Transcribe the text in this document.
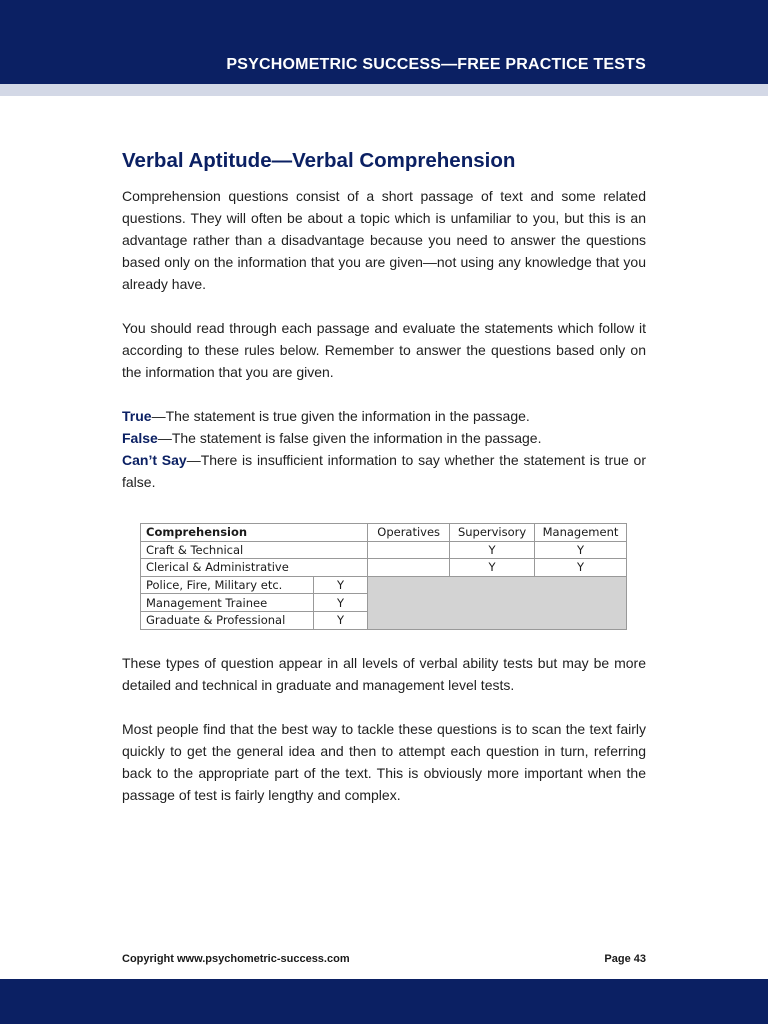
PSYCHOMETRIC SUCCESS—FREE PRACTICE TESTS
Verbal Aptitude—Verbal Comprehension

Comprehension questions consist of a short passage of text and some related questions. They will often be about a topic which is unfamiliar to you, but this is an advantage rather than a disadvantage because you need to answer the questions based only on the information that you are given—not using any knowledge that you already have.

You should read through each passage and evaluate the statements which follow it according to these rules below. Remember to answer the questions based only on the information that you are given.

True—The statement is true given the information in the passage.

False—The statement is false given the information in the passage.

Can’t Say—There is insufficient information to say whether the statement is true or false.

Comprehension		Operatives	Supervisory	Management
Craft & Technical			Y	Y
Clerical & Administrative			Y	Y
Police, Fire, Military etc.	Y			
Management Trainee	Y			
Graduate & Professional	Y			

These types of question appear in all levels of verbal ability tests but may be more detailed and technical in graduate and management level tests.

Most people find that the best way to tackle these questions is to scan the text fairly quickly to get the general idea and then to attempt each question in turn, referring back to the appropriate part of the text. This is obviously more important when the passage of test is fairly lengthy and complex.

Copyright www.psychometric-success.com	Page 43
